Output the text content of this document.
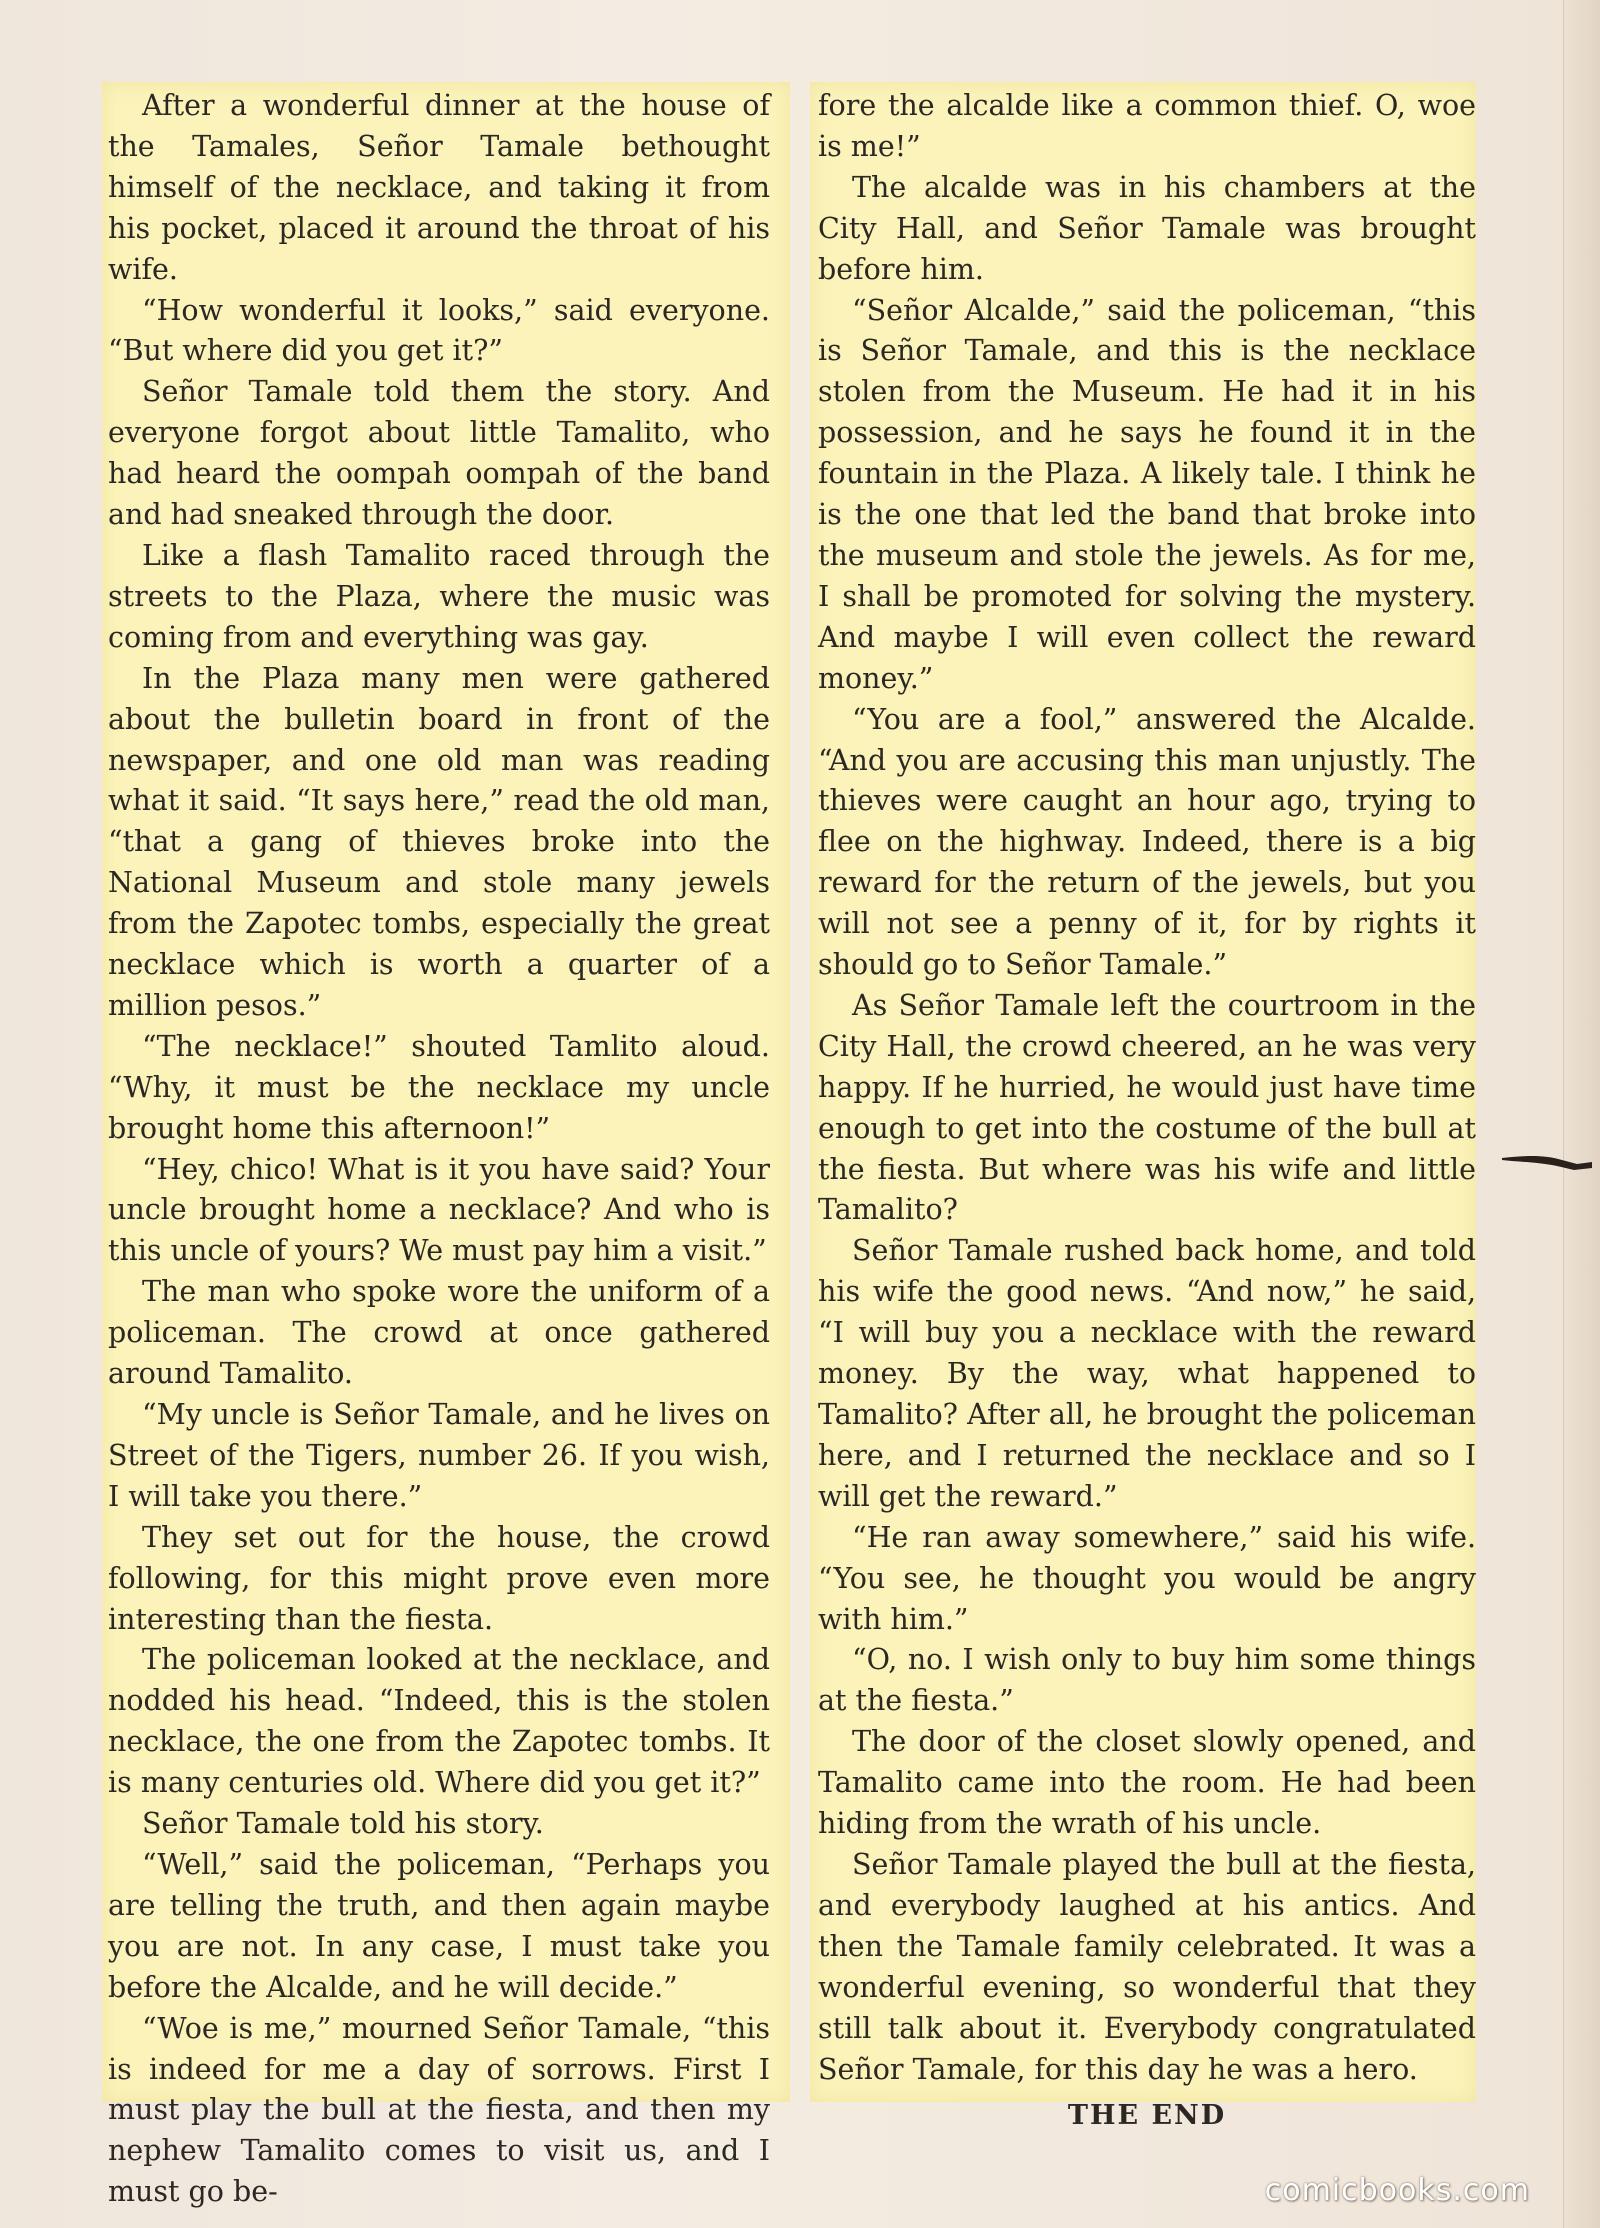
After a wonderful dinner at the house of the Tamales, Señor Tamale bethought himself of the necklace, and taking it from his pocket, placed it around the throat of his wife.

“How wonderful it looks,” said everyone. “But where did you get it?”

Señor Tamale told them the story. And everyone forgot about little Tamalito, who had heard the oompah oompah of the band and had sneaked through the door.

Like a flash Tamalito raced through the streets to the Plaza, where the music was coming from and everything was gay.

In the Plaza many men were gathered about the bulletin board in front of the newspaper, and one old man was reading what it said. “It says here,” read the old man, “that a gang of thieves broke into the National Museum and stole many jewels from the Zapotec tombs, especially the great necklace which is worth a quarter of a million pesos.”

“The necklace!” shouted Tamlito aloud. “Why, it must be the necklace my uncle brought home this afternoon!”

“Hey, chico! What is it you have said? Your uncle brought home a necklace? And who is this uncle of yours? We must pay him a visit.”

The man who spoke wore the uniform of a policeman. The crowd at once gathered around Tamalito.

“My uncle is Señor Tamale, and he lives on Street of the Tigers, number 26. If you wish, I will take you there.”

They set out for the house, the crowd following, for this might prove even more interesting than the fiesta.

The policeman looked at the necklace, and nodded his head. “Indeed, this is the stolen necklace, the one from the Zapotec tombs. It is many centuries old. Where did you get it?”

Señor Tamale told his story.

“Well,” said the policeman, “Perhaps you are telling the truth, and then again maybe you are not. In any case, I must take you before the Alcalde, and he will decide.”

“Woe is me,” mourned Señor Tamale, “this is indeed for me a day of sorrows. First I must play the bull at the fiesta, and then my nephew Tamalito comes to visit us, and I must go be-

fore the alcalde like a common thief. O, woe is me!”

The alcalde was in his chambers at the City Hall, and Señor Tamale was brought before him.

“Señor Alcalde,” said the policeman, “this is Señor Tamale, and this is the necklace stolen from the Museum. He had it in his possession, and he says he found it in the fountain in the Plaza. A likely tale. I think he is the one that led the band that broke into the museum and stole the jewels. As for me, I shall be promoted for solving the mystery. And maybe I will even collect the reward money.”

“You are a fool,” answered the Alcalde. “And you are accusing this man unjustly. The thieves were caught an hour ago, trying to flee on the highway. Indeed, there is a big reward for the return of the jewels, but you will not see a penny of it, for by rights it should go to Señor Tamale.”

As Señor Tamale left the courtroom in the City Hall, the crowd cheered, an he was very happy. If he hurried, he would just have time enough to get into the costume of the bull at the fiesta. But where was his wife and little Tamalito?

Señor Tamale rushed back home, and told his wife the good news. “And now,” he said, “I will buy you a necklace with the reward money. By the way, what happened to Tamalito? After all, he brought the policeman here, and I returned the necklace and so I will get the reward.”

“He ran away somewhere,” said his wife. “You see, he thought you would be angry with him.”

“O, no. I wish only to buy him some things at the fiesta.”

The door of the closet slowly opened, and Tamalito came into the room. He had been hiding from the wrath of his uncle.

Señor Tamale played the bull at the fiesta, and everybody laughed at his antics. And then the Tamale family celebrated. It was a wonderful evening, so wonderful that they still talk about it. Everybody congratulated Señor Tamale, for this day he was a hero.

THE END

comicbooks.com
